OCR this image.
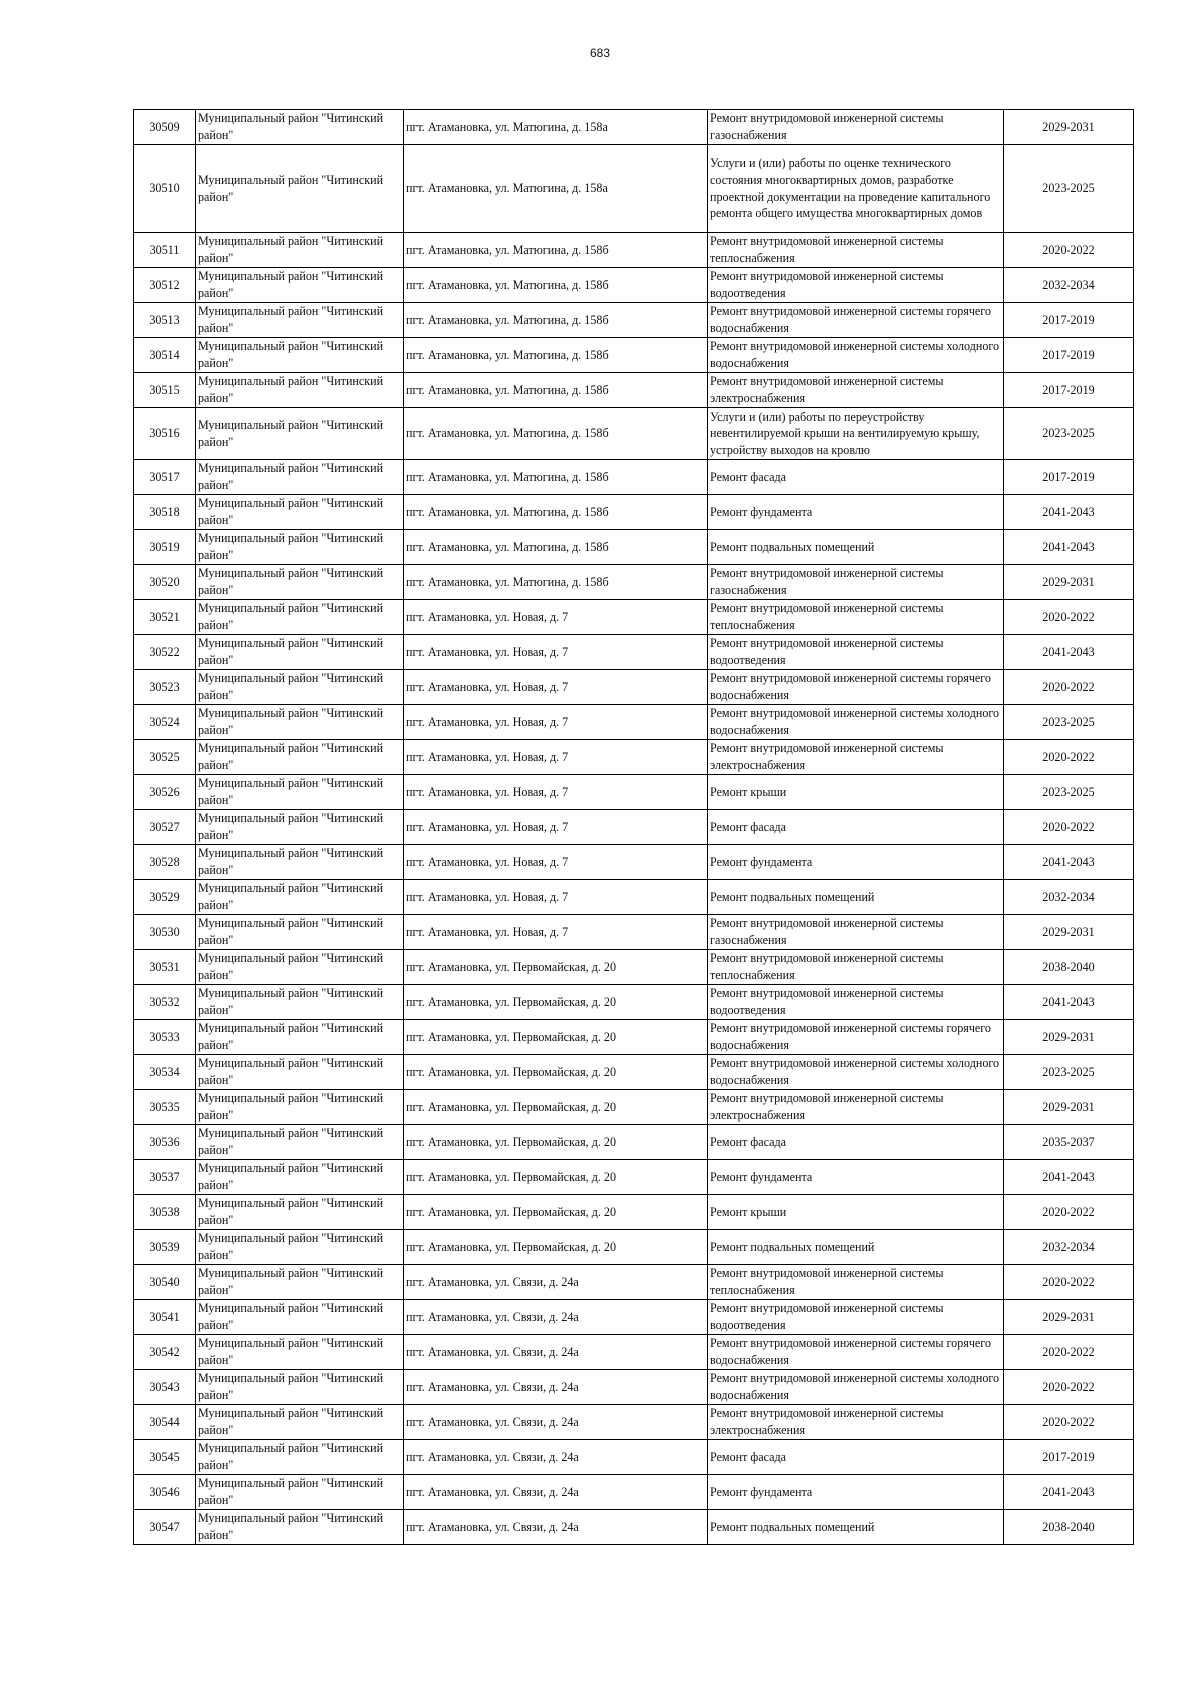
683
30509	Муниципальный район "Читинский район"	пгт. Атамановка, ул. Матюгина, д. 158а	Ремонт внутридомовой инженерной системы газоснабжения	2029-2031
30510	Муниципальный район "Читинский район"	пгт. Атамановка, ул. Матюгина, д. 158а	Услуги и (или) работы по оценке технического состояния многоквартирных домов, разработке проектной документации на проведение капитального ремонта общего имущества многоквартирных домов	2023-2025
30511	Муниципальный район "Читинский район"	пгт. Атамановка, ул. Матюгина, д. 158б	Ремонт внутридомовой инженерной системы теплоснабжения	2020-2022
30512	Муниципальный район "Читинский район"	пгт. Атамановка, ул. Матюгина, д. 158б	Ремонт внутридомовой инженерной системы водоотведения	2032-2034
30513	Муниципальный район "Читинский район"	пгт. Атамановка, ул. Матюгина, д. 158б	Ремонт внутридомовой инженерной системы горячего водоснабжения	2017-2019
30514	Муниципальный район "Читинский район"	пгт. Атамановка, ул. Матюгина, д. 158б	Ремонт внутридомовой инженерной системы холодного водоснабжения	2017-2019
30515	Муниципальный район "Читинский район"	пгт. Атамановка, ул. Матюгина, д. 158б	Ремонт внутридомовой инженерной системы электроснабжения	2017-2019
30516	Муниципальный район "Читинский район"	пгт. Атамановка, ул. Матюгина, д. 158б	Услуги и (или) работы по переустройству невентилируемой крыши на вентилируемую крышу, устройству выходов на кровлю	2023-2025
30517	Муниципальный район "Читинский район"	пгт. Атамановка, ул. Матюгина, д. 158б	Ремонт фасада	2017-2019
30518	Муниципальный район "Читинский район"	пгт. Атамановка, ул. Матюгина, д. 158б	Ремонт фундамента	2041-2043
30519	Муниципальный район "Читинский район"	пгт. Атамановка, ул. Матюгина, д. 158б	Ремонт подвальных помещений	2041-2043
30520	Муниципальный район "Читинский район"	пгт. Атамановка, ул. Матюгина, д. 158б	Ремонт внутридомовой инженерной системы газоснабжения	2029-2031
30521	Муниципальный район "Читинский район"	пгт. Атамановка, ул. Новая, д. 7	Ремонт внутридомовой инженерной системы теплоснабжения	2020-2022
30522	Муниципальный район "Читинский район"	пгт. Атамановка, ул. Новая, д. 7	Ремонт внутридомовой инженерной системы водоотведения	2041-2043
30523	Муниципальный район "Читинский район"	пгт. Атамановка, ул. Новая, д. 7	Ремонт внутридомовой инженерной системы горячего водоснабжения	2020-2022
30524	Муниципальный район "Читинский район"	пгт. Атамановка, ул. Новая, д. 7	Ремонт внутридомовой инженерной системы холодного водоснабжения	2023-2025
30525	Муниципальный район "Читинский район"	пгт. Атамановка, ул. Новая, д. 7	Ремонт внутридомовой инженерной системы электроснабжения	2020-2022
30526	Муниципальный район "Читинский район"	пгт. Атамановка, ул. Новая, д. 7	Ремонт крыши	2023-2025
30527	Муниципальный район "Читинский район"	пгт. Атамановка, ул. Новая, д. 7	Ремонт фасада	2020-2022
30528	Муниципальный район "Читинский район"	пгт. Атамановка, ул. Новая, д. 7	Ремонт фундамента	2041-2043
30529	Муниципальный район "Читинский район"	пгт. Атамановка, ул. Новая, д. 7	Ремонт подвальных помещений	2032-2034
30530	Муниципальный район "Читинский район"	пгт. Атамановка, ул. Новая, д. 7	Ремонт внутридомовой инженерной системы газоснабжения	2029-2031
30531	Муниципальный район "Читинский район"	пгт. Атамановка, ул. Первомайская, д. 20	Ремонт внутридомовой инженерной системы теплоснабжения	2038-2040
30532	Муниципальный район "Читинский район"	пгт. Атамановка, ул. Первомайская, д. 20	Ремонт внутридомовой инженерной системы водоотведения	2041-2043
30533	Муниципальный район "Читинский район"	пгт. Атамановка, ул. Первомайская, д. 20	Ремонт внутридомовой инженерной системы горячего водоснабжения	2029-2031
30534	Муниципальный район "Читинский район"	пгт. Атамановка, ул. Первомайская, д. 20	Ремонт внутридомовой инженерной системы холодного водоснабжения	2023-2025
30535	Муниципальный район "Читинский район"	пгт. Атамановка, ул. Первомайская, д. 20	Ремонт внутридомовой инженерной системы электроснабжения	2029-2031
30536	Муниципальный район "Читинский район"	пгт. Атамановка, ул. Первомайская, д. 20	Ремонт фасада	2035-2037
30537	Муниципальный район "Читинский район"	пгт. Атамановка, ул. Первомайская, д. 20	Ремонт фундамента	2041-2043
30538	Муниципальный район "Читинский район"	пгт. Атамановка, ул. Первомайская, д. 20	Ремонт крыши	2020-2022
30539	Муниципальный район "Читинский район"	пгт. Атамановка, ул. Первомайская, д. 20	Ремонт подвальных помещений	2032-2034
30540	Муниципальный район "Читинский район"	пгт. Атамановка, ул. Связи, д. 24а	Ремонт внутридомовой инженерной системы теплоснабжения	2020-2022
30541	Муниципальный район "Читинский район"	пгт. Атамановка, ул. Связи, д. 24а	Ремонт внутридомовой инженерной системы водоотведения	2029-2031
30542	Муниципальный район "Читинский район"	пгт. Атамановка, ул. Связи, д. 24а	Ремонт внутридомовой инженерной системы горячего водоснабжения	2020-2022
30543	Муниципальный район "Читинский район"	пгт. Атамановка, ул. Связи, д. 24а	Ремонт внутридомовой инженерной системы холодного водоснабжения	2020-2022
30544	Муниципальный район "Читинский район"	пгт. Атамановка, ул. Связи, д. 24а	Ремонт внутридомовой инженерной системы электроснабжения	2020-2022
30545	Муниципальный район "Читинский район"	пгт. Атамановка, ул. Связи, д. 24а	Ремонт фасада	2017-2019
30546	Муниципальный район "Читинский район"	пгт. Атамановка, ул. Связи, д. 24а	Ремонт фундамента	2041-2043
30547	Муниципальный район "Читинский район"	пгт. Атамановка, ул. Связи, д. 24а	Ремонт подвальных помещений	2038-2040
